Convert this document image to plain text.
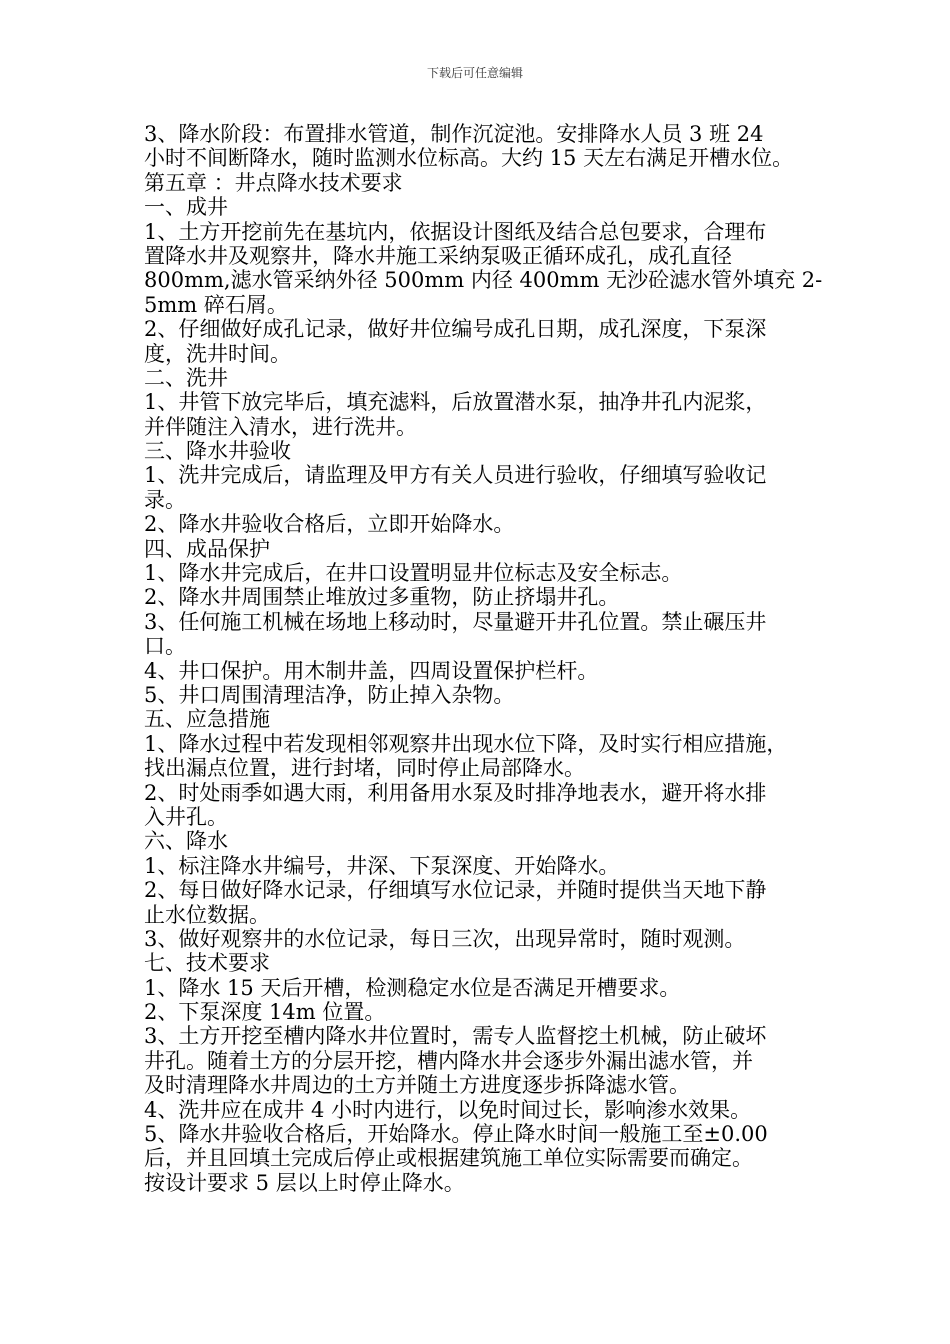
下载后可任意编辑
3、降水阶段：布置排水管道，制作沉淀池。安排降水人员 3 班 24
小时不间断降水，随时监测水位标高。大约 15 天左右满足开槽水位。
第五章 ：井点降水技术要求
一、成井
1、土方开挖前先在基坑内，依据设计图纸及结合总包要求，合理布
置降水井及观察井，降水井施工采纳泵吸正循环成孔，成孔直径
800mm,滤水管采纳外径 500mm 内径 400mm 无沙砼滤水管外填充 2-
5mm 碎石屑。
2、仔细做好成孔记录，做好井位编号成孔日期，成孔深度，下泵深
度，洗井时间。
二、洗井
1、井管下放完毕后，填充滤料，后放置潜水泵，抽净井孔内泥浆，
并伴随注入清水，进行洗井。
三、降水井验收
1、洗井完成后，请监理及甲方有关人员进行验收，仔细填写验收记
录。
2、降水井验收合格后，立即开始降水。
四、成品保护
1、降水井完成后，在井口设置明显井位标志及安全标志。
2、降水井周围禁止堆放过多重物，防止挤塌井孔。
3、任何施工机械在场地上移动时，尽量避开井孔位置。禁止碾压井
口。
4、井口保护。用木制井盖，四周设置保护栏杆。
5、井口周围清理洁净，防止掉入杂物。
五、应急措施
1、降水过程中若发现相邻观察井出现水位下降，及时实行相应措施，
找出漏点位置，进行封堵，同时停止局部降水。
2、时处雨季如遇大雨，利用备用水泵及时排净地表水，避开将水排
入井孔。
六、降水
1、标注降水井编号，井深、下泵深度、开始降水。
2、每日做好降水记录，仔细填写水位记录，并随时提供当天地下静
止水位数据。
3、做好观察井的水位记录，每日三次，出现异常时，随时观测。
七、技术要求
1、降水 15 天后开槽，检测稳定水位是否满足开槽要求。
2、下泵深度 14m 位置。
3、土方开挖至槽内降水井位置时，需专人监督挖土机械，防止破坏
井孔。随着土方的分层开挖，槽内降水井会逐步外漏出滤水管，并
及时清理降水井周边的土方并随土方进度逐步拆降滤水管。
4、洗井应在成井 4 小时内进行，以免时间过长，影响渗水效果。
5、降水井验收合格后，开始降水。停止降水时间一般施工至±0.00
后，并且回填土完成后停止或根据建筑施工单位实际需要而确定。
按设计要求 5 层以上时停止降水。
